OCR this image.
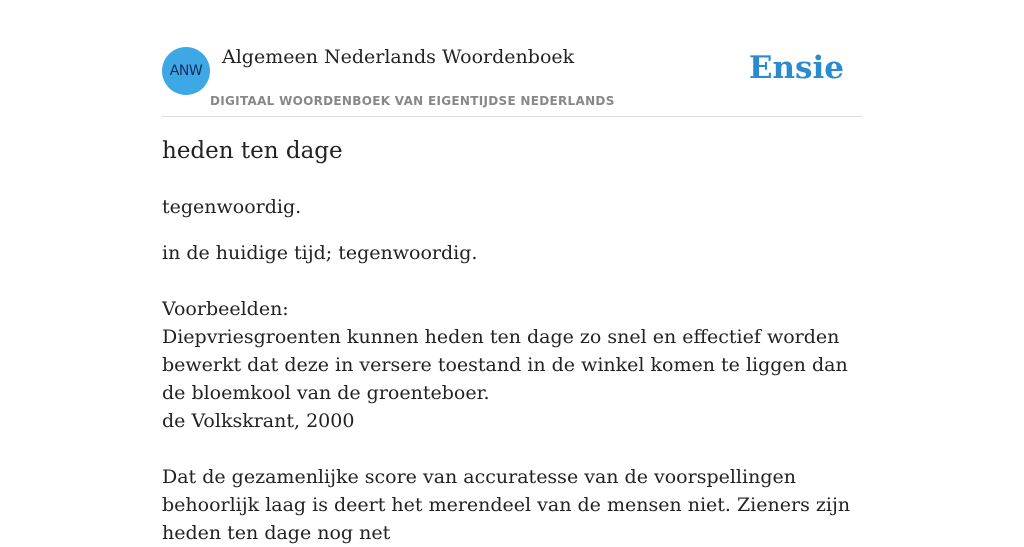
ANW
Algemeen Nederlands Woordenboek
DIGITAAL WOORDENBOEK VAN EIGENTIJDSE NEDERLANDS
Ensie
heden ten dage

tegenwoordig.

in de huidige tijd; tegenwoordig.

Voorbeelden:

Diepvriesgroenten kunnen heden ten dage zo snel en effectief worden bewerkt dat deze in versere toestand in de winkel komen te liggen dan de bloemkool van de groenteboer.

de Volkskrant, 2000

Dat de gezamenlijke score van accuratesse van de voorspellingen behoorlijk laag is deert het merendeel van de mensen niet. Zieners zijn heden ten dage nog net
